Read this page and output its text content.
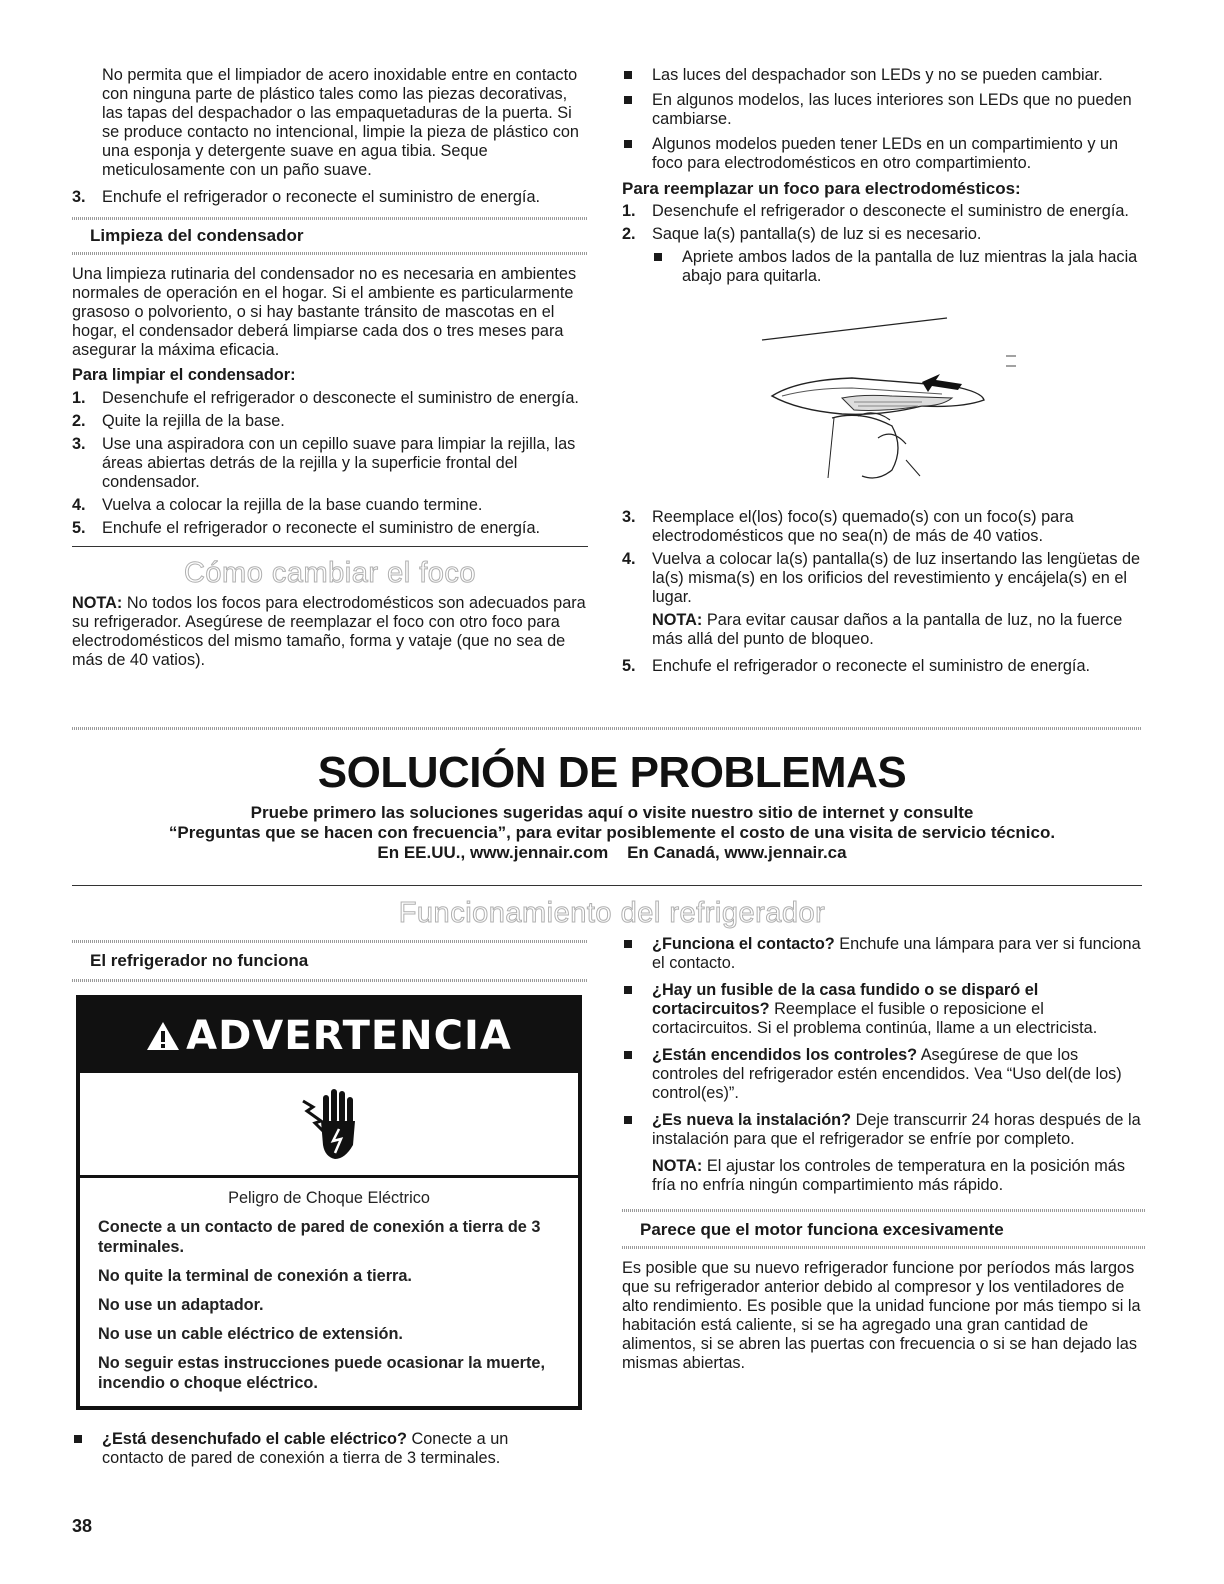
No permita que el limpiador de acero inoxidable entre en contacto con ninguna parte de plástico tales como las piezas decorativas, las tapas del despachador o las empaquetaduras de la puerta. Si se produce contacto no intencional, limpie la pieza de plástico con una esponja y detergente suave en agua tibia. Seque meticulosamente con un paño suave.

3. Enchufe el refrigerador o reconecte el suministro de energía.
Limpieza del condensador

Una limpieza rutinaria del condensador no es necesaria en ambientes normales de operación en el hogar. Si el ambiente es particularmente grasoso o polvoriento, o si hay bastante tránsito de mascotas en el hogar, el condensador deberá limpiarse cada dos o tres meses para asegurar la máxima eficacia.

Para limpiar el condensador:
1. Desenchufe el refrigerador o desconecte el suministro de energía.
2. Quite la rejilla de la base.
3. Use una aspiradora con un cepillo suave para limpiar la rejilla, las áreas abiertas detrás de la rejilla y la superficie frontal del condensador.
4. Vuelva a colocar la rejilla de la base cuando termine.
5. Enchufe el refrigerador o reconecte el suministro de energía.
Cómo cambiar el foco

NOTA: No todos los focos para electrodomésticos son adecuados para su refrigerador. Asegúrese de reemplazar el foco con otro foco para electrodomésticos del mismo tamaño, forma y vataje (que no sea de más de 40 vatios).

Las luces del despachador son LEDs y no se pueden cambiar.
En algunos modelos, las luces interiores son LEDs que no pueden cambiarse.
Algunos modelos pueden tener LEDs en un compartimiento y un foco para electrodomésticos en otro compartimiento.
Para reemplazar un foco para electrodomésticos:
1. Desenchufe el refrigerador o desconecte el suministro de energía.
2. Saque la(s) pantalla(s) de luz si es necesario.
Apriete ambos lados de la pantalla de luz mientras la jala hacia abajo para quitarla.
3. Reemplace el(los) foco(s) quemado(s) con un foco(s) para electrodomésticos que no sea(n) de más de 40 vatios.
4. Vuelva a colocar la(s) pantalla(s) de luz insertando las lengüetas de la(s) misma(s) en los orificios del revestimiento y encájela(s) en el lugar.

NOTA: Para evitar causar daños a la pantalla de luz, no la fuerce más allá del punto de bloqueo.

5. Enchufe el refrigerador o reconecte el suministro de energía.
SOLUCIÓN DE PROBLEMAS
Pruebe primero las soluciones sugeridas aquí o visite nuestro sitio de internet y consulte
“Preguntas que se hacen con frecuencia”, para evitar posiblemente el costo de una visita de servicio técnico.
En EE.UU., www.jennair.com    En Canadá, www.jennair.ca
Funcionamiento del refrigerador
El refrigerador no funciona
ADVERTENCIA

Peligro de Choque Eléctrico

Conecte a un contacto de pared de conexión a tierra de 3 terminales.

No quite la terminal de conexión a tierra.

No use un adaptador.

No use un cable eléctrico de extensión.

No seguir estas instrucciones puede ocasionar la muerte, incendio o choque eléctrico.

¿Está desenchufado el cable eléctrico? Conecte a un contacto de pared de conexión a tierra de 3 terminales.
¿Funciona el contacto? Enchufe una lámpara para ver si funciona el contacto.
¿Hay un fusible de la casa fundido o se disparó el cortacircuitos? Reemplace el fusible o reposicione el cortacircuitos. Si el problema continúa, llame a un electricista.
¿Están encendidos los controles? Asegúrese de que los controles del refrigerador estén encendidos. Vea “Uso del(de los) control(es)”.
¿Es nueva la instalación? Deje transcurrir 24 horas después de la instalación para que el refrigerador se enfríe por completo.

NOTA: El ajustar los controles de temperatura en la posición más fría no enfría ningún compartimiento más rápido.

Parece que el motor funciona excesivamente

Es posible que su nuevo refrigerador funcione por períodos más largos que su refrigerador anterior debido al compresor y los ventiladores de alto rendimiento. Es posible que la unidad funcione por más tiempo si la habitación está caliente, si se ha agregado una gran cantidad de alimentos, si se abren las puertas con frecuencia o si se han dejado las mismas abiertas.

38
